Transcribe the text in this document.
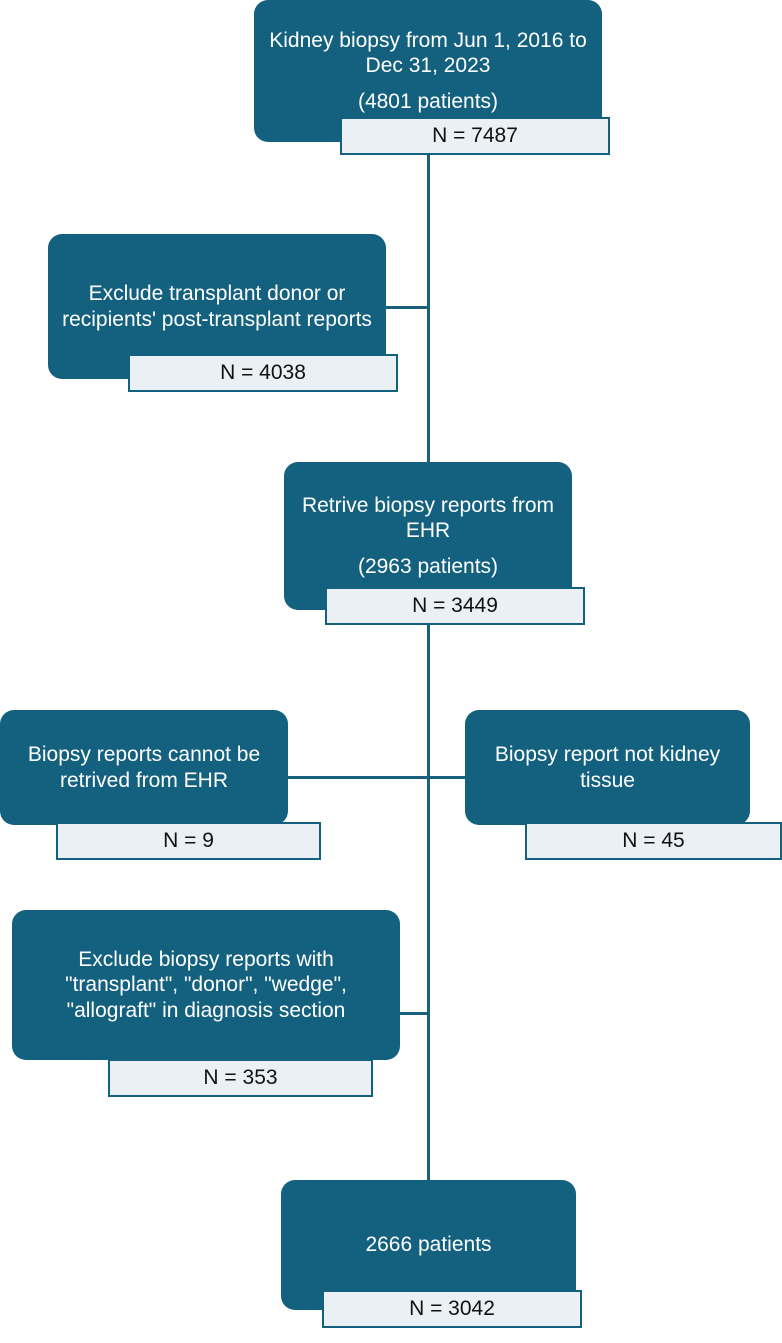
Kidney biopsy from Jun 1, 2016 to Dec 31, 2023
(4801 patients)
N = 7487
Exclude transplant donor or recipients' post-transplant reports
N = 4038
Retrive biopsy reports from EHR
(2963 patients)
N = 3449
Biopsy reports cannot be retrived from EHR
N = 9
Biopsy report not kidney tissue
N = 45
Exclude biopsy reports with "transplant", "donor", "wedge", "allograft" in diagnosis section
N = 353
2666 patients
N = 3042
